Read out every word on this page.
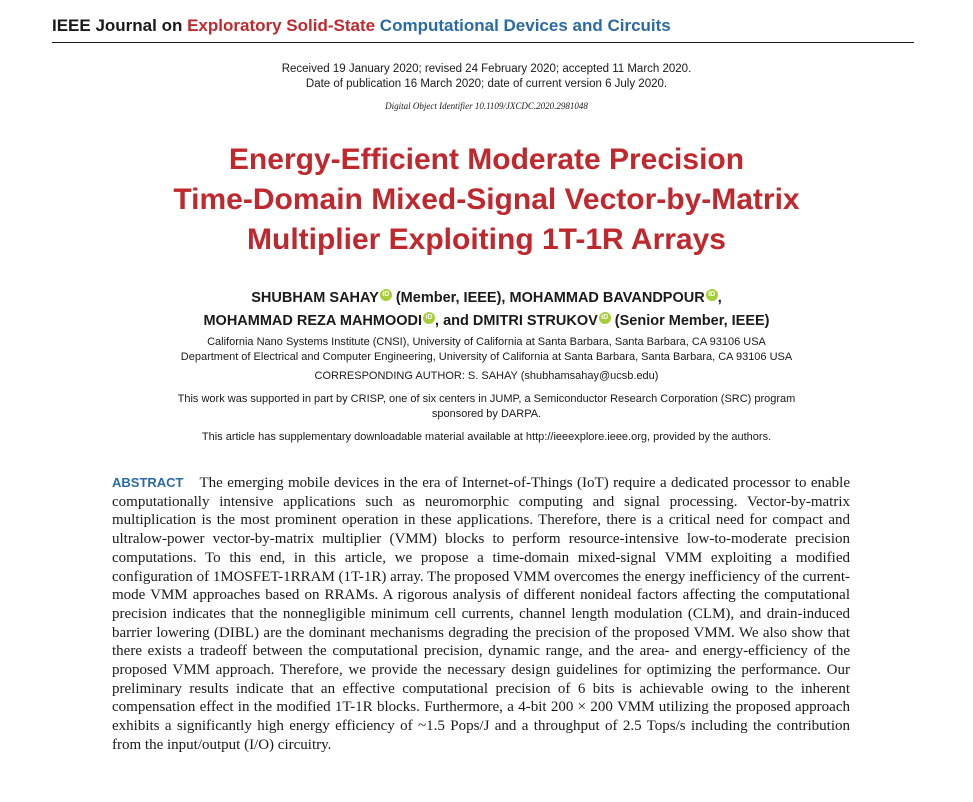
IEEE Journal on Exploratory Solid-State Computational Devices and Circuits
Received 19 January 2020; revised 24 February 2020; accepted 11 March 2020.
Date of publication 16 March 2020; date of current version 6 July 2020.
Digital Object Identifier 10.1109/JXCDC.2020.2981048
Energy-Efficient Moderate Precision
Time-Domain Mixed-Signal Vector-by-Matrix
Multiplier Exploiting 1T-1R Arrays
SHUBHAM SAHAY iD (Member, IEEE), MOHAMMAD BAVANDPOUR iD ,
MOHAMMAD REZA MAHMOODI iD , and DMITRI STRUKOV iD (Senior Member, IEEE)
California Nano Systems Institute (CNSI), University of California at Santa Barbara, Santa Barbara, CA 93106 USA
Department of Electrical and Computer Engineering, University of California at Santa Barbara, Santa Barbara, CA 93106 USA
CORRESPONDING AUTHOR: S. SAHAY (shubhamsahay@ucsb.edu)
This work was supported in part by CRISP, one of six centers in JUMP, a Semiconductor Research Corporation (SRC) program
sponsored by DARPA.
This article has supplementary downloadable material available at http://ieeexplore.ieee.org, provided by the authors.
ABSTRACT The emerging mobile devices in the era of Internet-of-Things (IoT) require a dedicated processor to enable computationally intensive applications such as neuromorphic computing and signal processing. Vector-by-matrix multiplication is the most prominent operation in these applications. Therefore, there is a critical need for compact and ultralow-power vector-by-matrix multiplier (VMM) blocks to perform resource-intensive low-to-moderate precision computations. To this end, in this article, we propose a time-domain mixed-signal VMM exploiting a modified configuration of 1MOSFET-1RRAM (1T-1R) array. The proposed VMM overcomes the energy inefficiency of the current-mode VMM approaches based on RRAMs. A rigorous analysis of different nonideal factors affecting the computational precision indicates that the nonnegligible minimum cell currents, channel length modulation (CLM), and drain-induced barrier lowering (DIBL) are the dominant mechanisms degrading the precision of the proposed VMM. We also show that there exists a tradeoff between the computational precision, dynamic range, and the area- and energy-efficiency of the proposed VMM approach. Therefore, we provide the necessary design guidelines for optimizing the performance. Our preliminary results indicate that an effective computational precision of 6 bits is achievable owing to the inherent compensation effect in the modified 1T-1R blocks. Furthermore, a 4-bit 200 × 200 VMM utilizing the proposed approach exhibits a significantly high energy efficiency of ~1.5 Pops/J and a throughput of 2.5 Tops/s including the contribution from the input/output (I/O) circuitry.
